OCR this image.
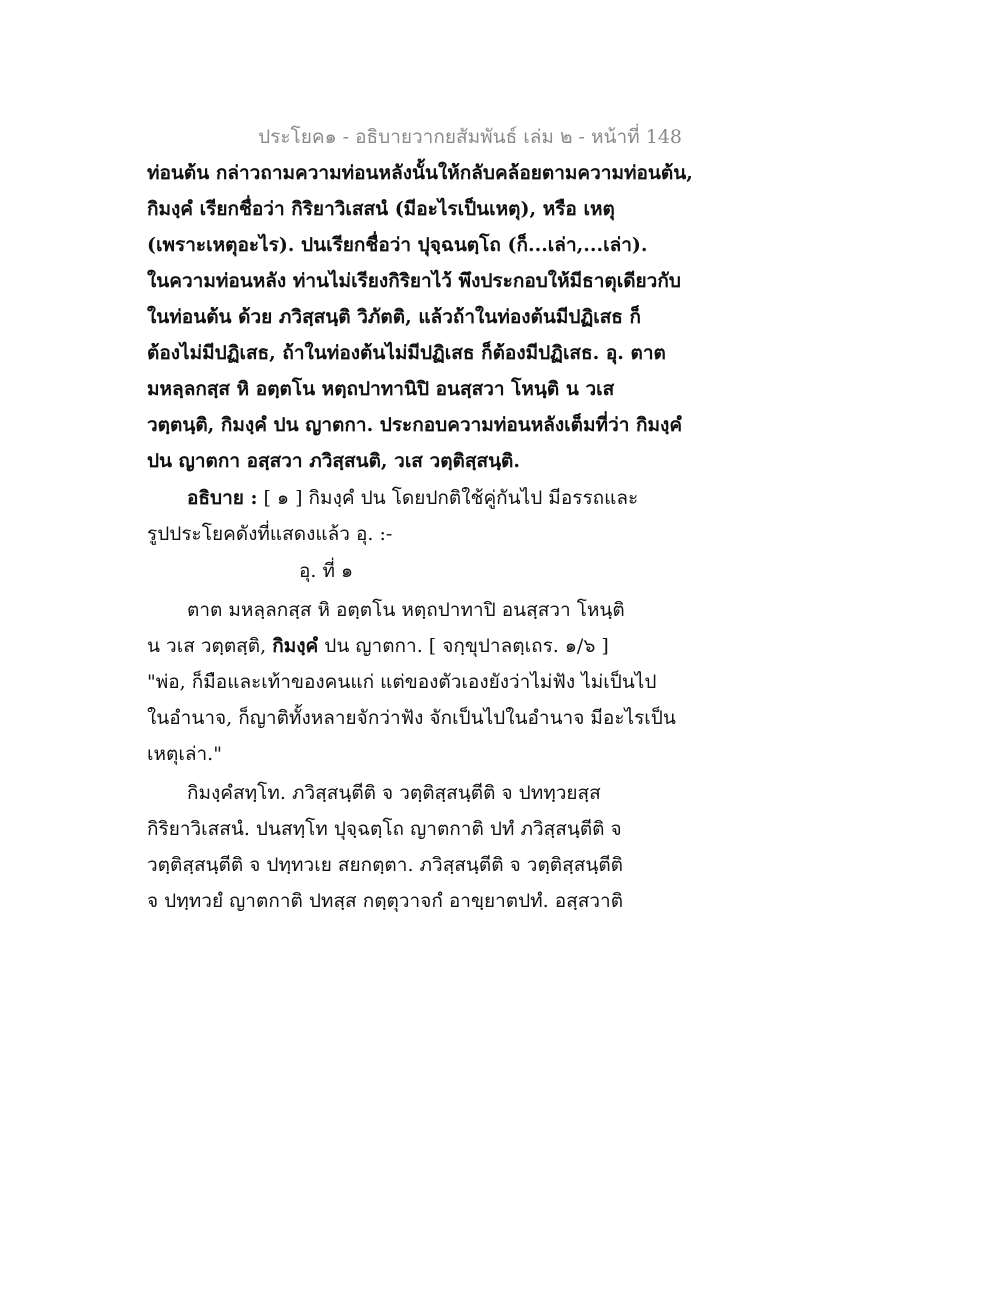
ประโยค๑ - อธิบายวากยสัมพันธ์ เล่ม ๒ - หน้าที่ 148
ท่อนต้น กล่าวถามความท่อนหลังนั้นให้กลับคล้อยตามความท่อนต้น,
กิมงฺคํ เรียกชื่อว่า กิริยาวิเสสนํ (มีอะไรเป็นเหตุ), หรือ เหตุ
(เพราะเหตุอะไร). ปนเรียกชื่อว่า ปุจฺฉนตฺโถ (ก็...เล่า,...เล่า).
ในความท่อนหลัง ท่านไม่เรียงกิริยาไว้ พึงประกอบให้มีธาตุเดียวกับ
ในท่อนต้น ด้วย ภวิสฺสนฺติ วิภัตติ, แล้วถ้าในท่องต้นมีปฏิเสธ ก็
ต้องไม่มีปฏิเสธ, ถ้าในท่องต้นไม่มีปฏิเสธ ก็ต้องมีปฏิเสธ. อุ. ตาต
มหลฺลกสฺส หิ อตฺตโน หตฺถปาทานิปิ อนสฺสวา โหนฺติ น วเส
วตฺตนฺติ, กิมงฺคํ ปน ญาตกา. ประกอบความท่อนหลังเต็มที่ว่า กิมงฺคํ
ปน ญาตกา อสฺสวา ภวิสฺสนติ, วเส วตฺติสฺสนฺติ.
อธิบาย : [ ๑ ] กิมงฺคํ ปน โดยปกติใช้คู่กันไป มีอรรถและ
รูปประโยคดังที่แสดงแล้ว อุ. :-
อุ. ที่ ๑
ตาต มหลฺลกสฺส หิ อตฺตโน หตฺถปาทาปิ อนสฺสวา โหนฺติ
น วเส วตฺตสฺติ, กิมงฺคํ ปน ญาตกา. [ จกฺขุปาลตฺเถร. ๑/๖ ]
"พ่อ, ก็มือและเท้าของคนแก่ แต่ของตัวเองยังว่าไม่ฟัง ไม่เป็นไป
ในอำนาจ, ก็ญาติทั้งหลายจักว่าฟัง จักเป็นไปในอำนาจ มีอะไรเป็น
เหตุเล่า."
กิมงฺคํสทฺโท. ภวิสฺสนฺตีติ จ วตฺติสฺสนฺตีติ จ ปททฺวยสฺส
กิริยาวิเสสนํ. ปนสทฺโท ปุจฺฉตฺโถ ญาตกาติ ปทํ ภวิสฺสนฺตีติ จ
วตฺติสฺสนฺตีติ จ ปทฺทวเย สยกตฺตา. ภวิสฺสนฺตีติ จ วตฺติสฺสนฺตีติ
จ ปทฺทวยํ ญาตกาติ ปทสฺส กตฺตุวาจกํ อาขฺยาตปทํ. อสฺสวาติ
